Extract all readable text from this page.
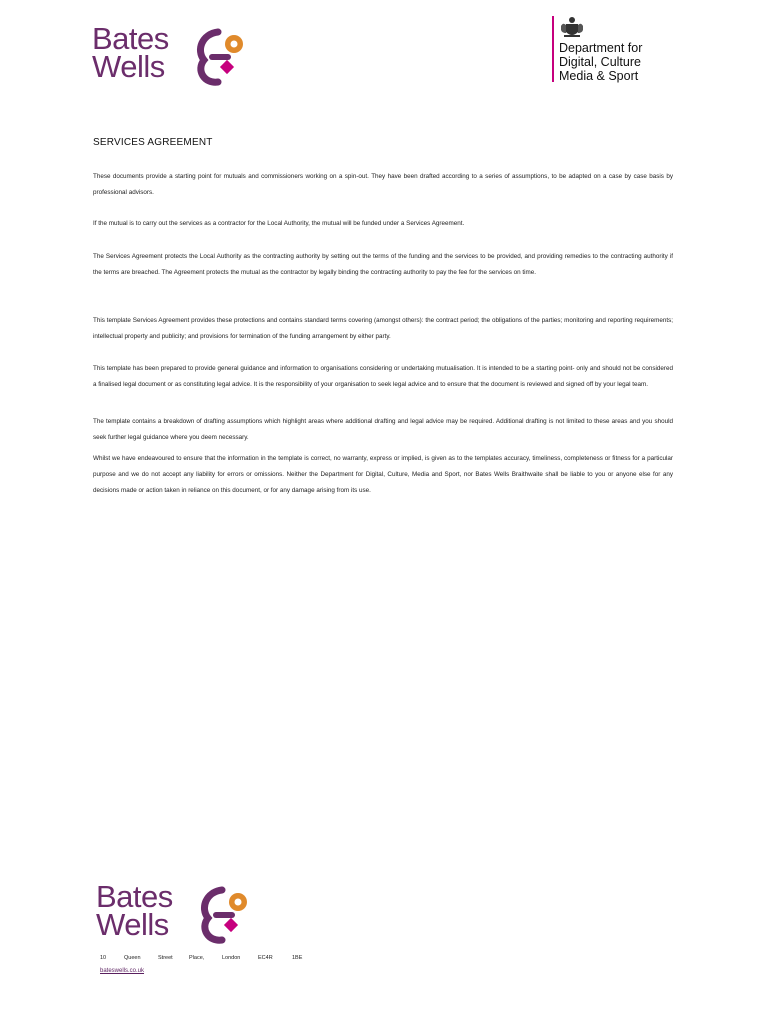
Bates
Wells
Department for
Digital, Culture
Media & Sport
SERVICES AGREEMENT

These documents provide a starting point for mutuals and commissioners working on a spin-out. They have been drafted according to a series of assumptions, to be adapted on a case by case basis by professional advisors.

If the mutual is to carry out the services as a contractor for the Local Authority, the mutual will be funded under a Services Agreement.

The Services Agreement protects the Local Authority as the contracting authority by setting out the terms of the funding and the services to be provided, and providing remedies to the contracting authority if the terms are breached. The Agreement protects the mutual as the contractor by legally binding the contracting authority to pay the fee for the services on time.

This template Services Agreement provides these protections and contains standard terms covering (amongst others): the contract period; the obligations of the parties; monitoring and reporting requirements; intellectual property and publicity; and provisions for termination of the funding arrangement by either party.

This template has been prepared to provide general guidance and information to organisations considering or undertaking mutualisation. It is intended to be a starting point- only and should not be considered a finalised legal document or as constituting legal advice. It is the responsibility of your organisation to seek legal advice and to ensure that the document is reviewed and signed off by your legal team.

The template contains a breakdown of drafting assumptions which highlight areas where additional drafting and legal advice may be required. Additional drafting is not limited to these areas and you should seek further legal guidance where you deem necessary.

Whilst we have endeavoured to ensure that the information in the template is correct, no warranty, express or implied, is given as to the templates accuracy, timeliness, completeness or fitness for a particular purpose and we do not accept any liability for errors or omissions. Neither the Department for Digital, Culture, Media and Sport, nor Bates Wells Braithwaite shall be liable to you or anyone else for any decisions made or action taken in reliance on this document, or for any damage arising from its use.

Bates
Wells
10	Queen	Street	Place,	London	EC4R	1BE
bateswells.co.uk
